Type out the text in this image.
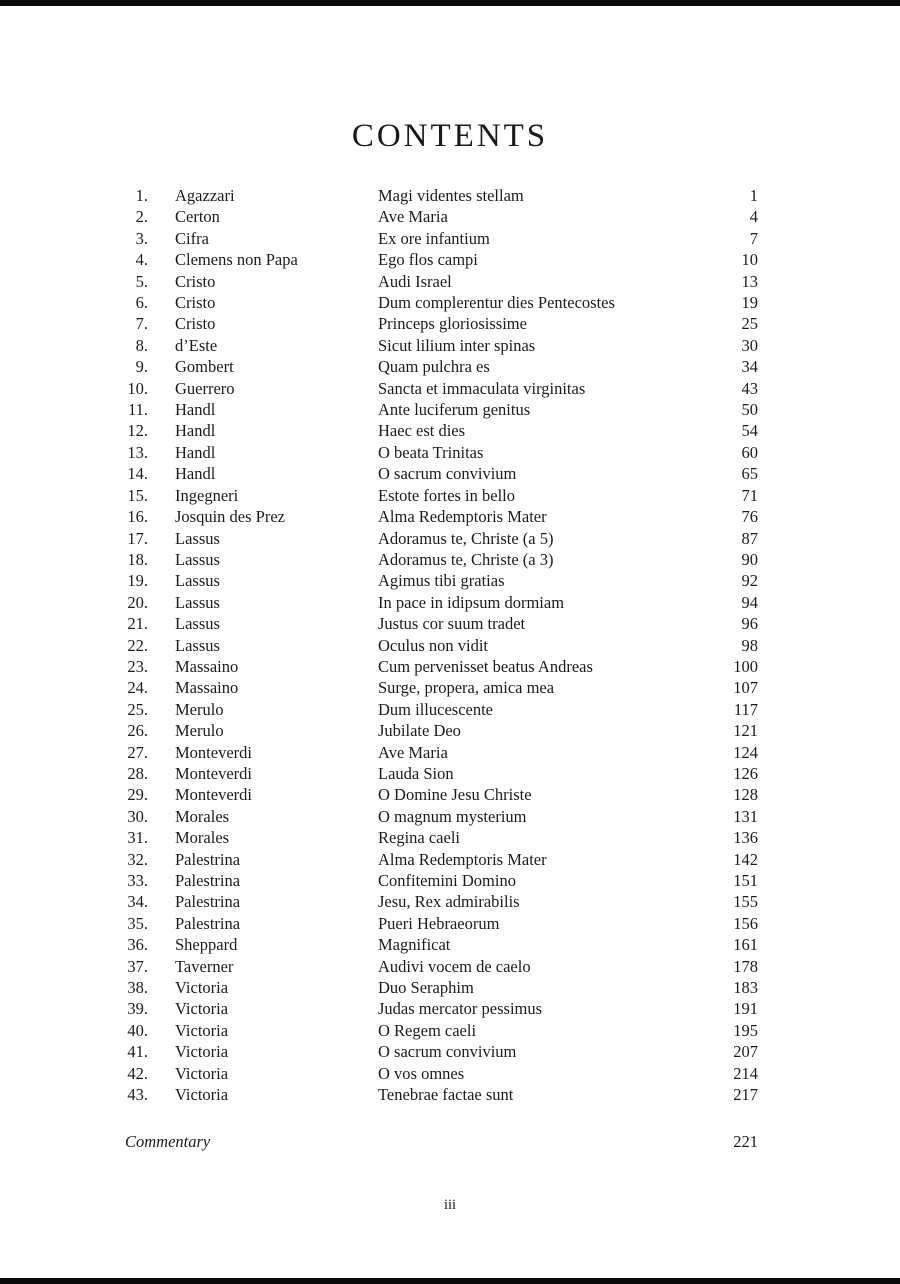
CONTENTS
1.	Agazzari	Magi videntes stellam	1
2.	Certon	Ave Maria	4
3.	Cifra	Ex ore infantium	7
4.	Clemens non Papa	Ego flos campi	10
5.	Cristo	Audi Israel	13
6.	Cristo	Dum complerentur dies Pentecostes	19
7.	Cristo	Princeps gloriosissime	25
8.	d’Este	Sicut lilium inter spinas	30
9.	Gombert	Quam pulchra es	34
10.	Guerrero	Sancta et immaculata virginitas	43
11.	Handl	Ante luciferum genitus	50
12.	Handl	Haec est dies	54
13.	Handl	O beata Trinitas	60
14.	Handl	O sacrum convivium	65
15.	Ingegneri	Estote fortes in bello	71
16.	Josquin des Prez	Alma Redemptoris Mater	76
17.	Lassus	Adoramus te, Christe (a 5)	87
18.	Lassus	Adoramus te, Christe (a 3)	90
19.	Lassus	Agimus tibi gratias	92
20.	Lassus	In pace in idipsum dormiam	94
21.	Lassus	Justus cor suum tradet	96
22.	Lassus	Oculus non vidit	98
23.	Massaino	Cum pervenisset beatus Andreas	100
24.	Massaino	Surge, propera, amica mea	107
25.	Merulo	Dum illucescente	117
26.	Merulo	Jubilate Deo	121
27.	Monteverdi	Ave Maria	124
28.	Monteverdi	Lauda Sion	126
29.	Monteverdi	O Domine Jesu Christe	128
30.	Morales	O magnum mysterium	131
31.	Morales	Regina caeli	136
32.	Palestrina	Alma Redemptoris Mater	142
33.	Palestrina	Confitemini Domino	151
34.	Palestrina	Jesu, Rex admirabilis	155
35.	Palestrina	Pueri Hebraeorum	156
36.	Sheppard	Magnificat	161
37.	Taverner	Audivi vocem de caelo	178
38.	Victoria	Duo Seraphim	183
39.	Victoria	Judas mercator pessimus	191
40.	Victoria	O Regem caeli	195
41.	Victoria	O sacrum convivium	207
42.	Victoria	O vos omnes	214
43.	Victoria	Tenebrae factae sunt	217
Commentary	221
iii
